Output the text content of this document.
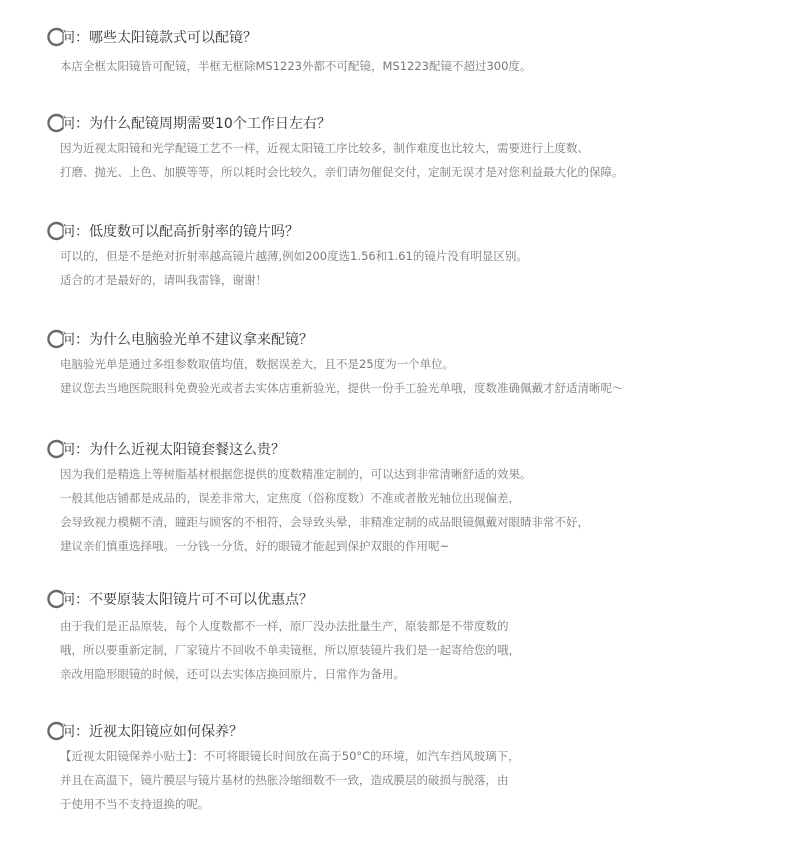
问：哪些太阳镜款式可以配镜？
本店全框太阳镜皆可配镜，半框无框除MS1223外都不可配镜，MS1223配镜不超过300度。
问：为什么配镜周期需要10个工作日左右？
因为近视太阳镜和光学配镜工艺不一样，近视太阳镜工序比较多，制作难度也比较大，需要进行上度数、
打磨、抛光、上色、加膜等等，所以耗时会比较久，亲们请勿催促交付，定制无误才是对您利益最大化的保障。
问：低度数可以配高折射率的镜片吗？
可以的，但是不是绝对折射率越高镜片越薄,例如200度选1.56和1.61的镜片没有明显区别。
适合的才是最好的，请叫我雷锋，谢谢！
问：为什么电脑验光单不建议拿来配镜？
电脑验光单是通过多组参数取值均值，数据误差大，且不是25度为一个单位。
建议您去当地医院眼科免费验光或者去实体店重新验光，提供一份手工验光单哦，度数准确佩戴才舒适清晰呢～
问：为什么近视太阳镜套餐这么贵？
因为我们是精选上等树脂基材根据您提供的度数精准定制的，可以达到非常清晰舒适的效果。
一般其他店铺都是成品的，误差非常大，定焦度（俗称度数）不准或者散光轴位出现偏差，
会导致视力模糊不清，瞳距与顾客的不相符，会导致头晕，非精准定制的成品眼镜佩戴对眼睛非常不好，
建议亲们慎重选择哦。一分钱一分货，好的眼镜才能起到保护双眼的作用呢~
问：不要原装太阳镜片可不可以优惠点？
由于我们是正品原装，每个人度数都不一样，原厂没办法批量生产，原装都是不带度数的
哦，所以要重新定制，厂家镜片不回收不单卖镜框，所以原装镜片我们是一起寄给您的哦，
亲改用隐形眼镜的时候，还可以去实体店换回原片，日常作为备用。
问：近视太阳镜应如何保养？
【近视太阳镜保养小贴士】：不可将眼镜长时间放在高于50°C的环境，如汽车挡风玻璃下，
并且在高温下，镜片膜层与镜片基材的热胀冷缩细数不一致，造成膜层的破损与脱落，由
于使用不当不支持退换的呢。
